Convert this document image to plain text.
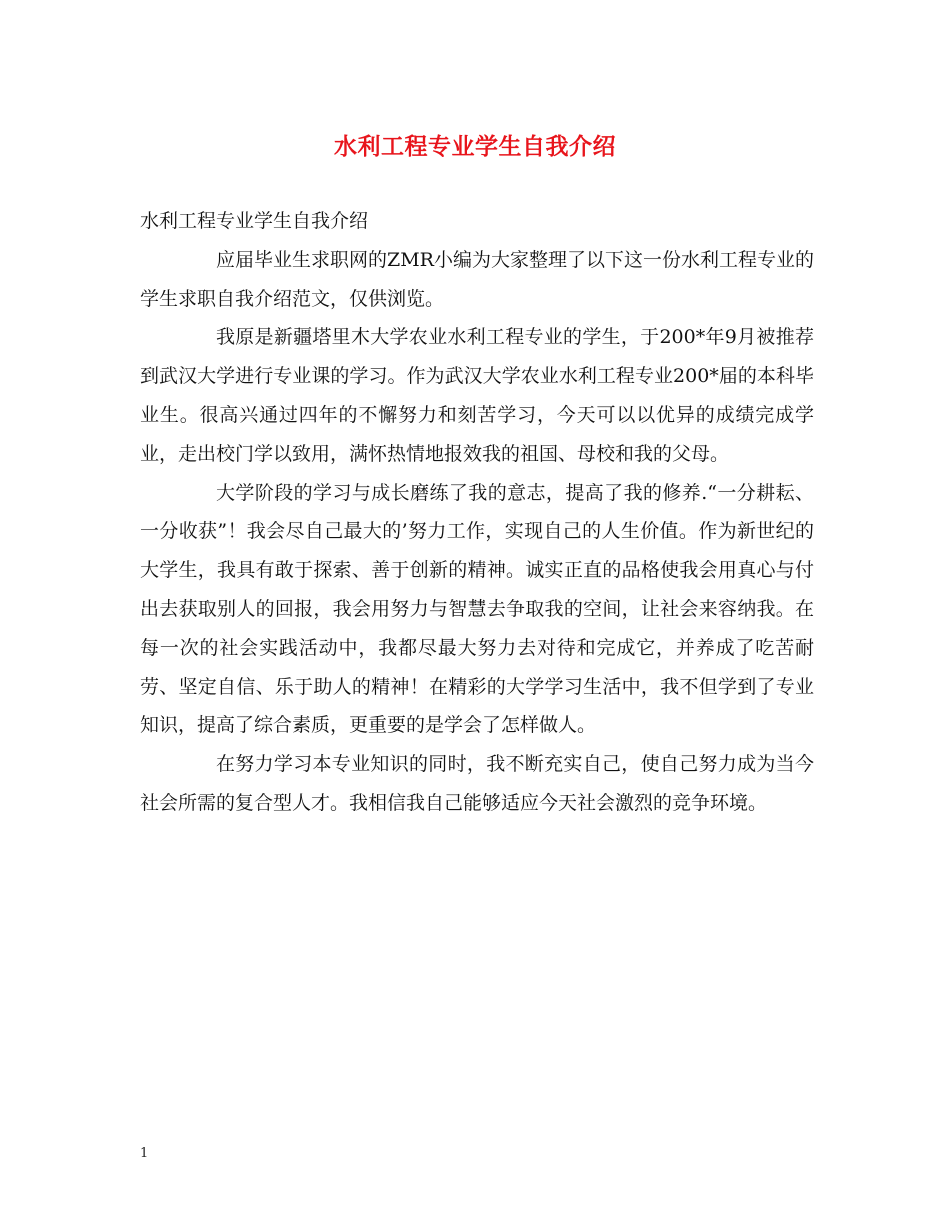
水利工程专业学生自我介绍

水利工程专业学生自我介绍

应届毕业生求职网的ZMR小编为大家整理了以下这一份水利工程专业的学生求职自我介绍范文，仅供浏览。

我原是新疆塔里木大学农业水利工程专业的学生，于200*年9月被推荐到武汉大学进行专业课的学习。作为武汉大学农业水利工程专业200*届的本科毕业生。很高兴通过四年的不懈努力和刻苦学习，今天可以以优异的成绩完成学业，走出校门学以致用，满怀热情地报效我的祖国、母校和我的父母。

大学阶段的学习与成长磨练了我的意志，提高了我的修养.“一分耕耘、一分收获”！我会尽自己最大的’努力工作，实现自己的人生价值。作为新世纪的大学生，我具有敢于探索、善于创新的精神。诚实正直的品格使我会用真心与付出去获取别人的回报，我会用努力与智慧去争取我的空间，让社会来容纳我。在每一次的社会实践活动中，我都尽最大努力去对待和完成它，并养成了吃苦耐劳、坚定自信、乐于助人的精神！在精彩的大学学习生活中，我不但学到了专业知识，提高了综合素质，更重要的是学会了怎样做人。

在努力学习本专业知识的同时，我不断充实自己，使自己努力成为当今社会所需的复合型人才。我相信我自己能够适应今天社会激烈的竞争环境。

1
